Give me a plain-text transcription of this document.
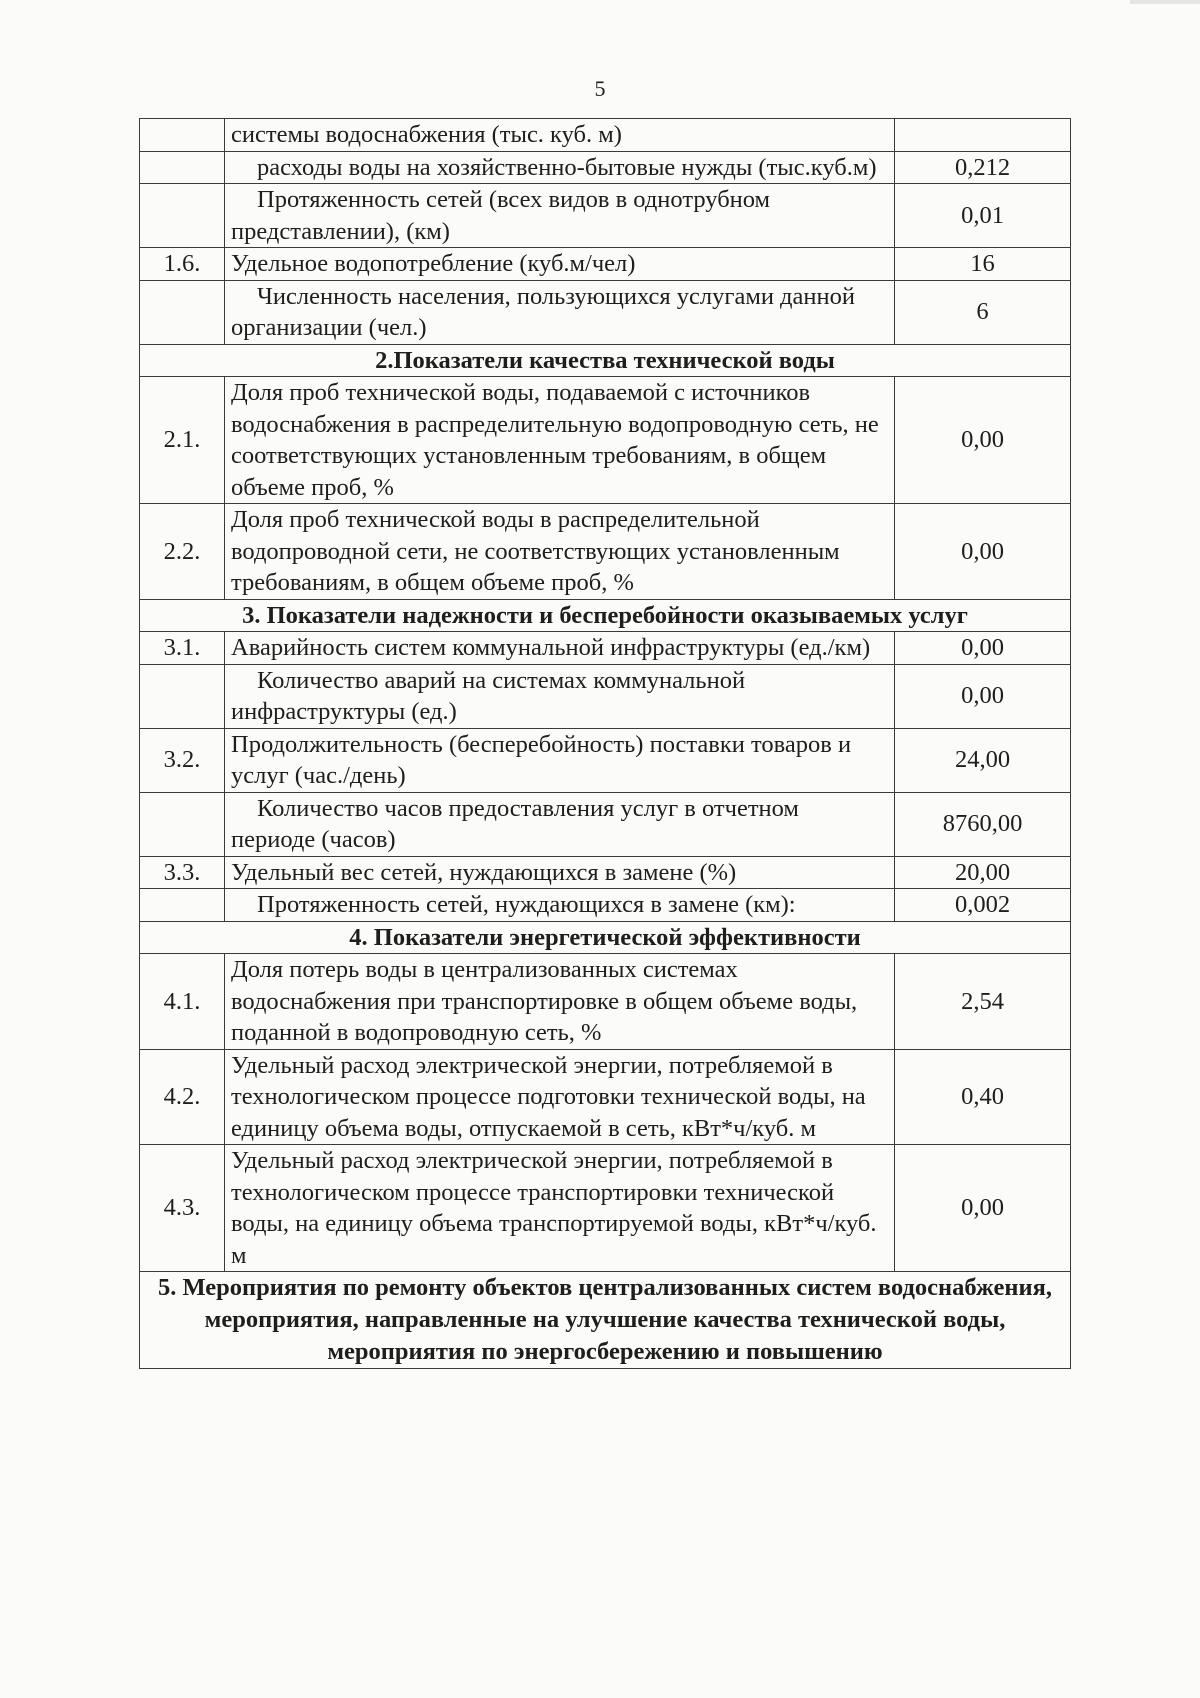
5
	системы водоснабжения (тыс. куб. м)	
	расходы воды на хозяйственно-бытовые нужды (тыс.куб.м)	0,212
	Протяженность сетей (всех видов в однотрубном представлении), (км)	0,01
1.6.	Удельное водопотребление (куб.м/чел)	16
	Численность населения, пользующихся услугами данной организации (чел.)	6
2.Показатели качества технической воды		
2.1.	Доля проб технической воды, подаваемой с источников водоснабжения в распределительную водопроводную сеть, не соответствующих установленным требованиям, в общем объеме проб, %	0,00
2.2.	Доля проб технической воды в распределительной водопроводной сети, не соответствующих установленным требованиям, в общем объеме проб, %	0,00
3. Показатели надежности и бесперебойности оказываемых услуг		
3.1.	Аварийность систем коммунальной инфраструктуры (ед./км)	0,00
	Количество аварий на системах коммунальной инфраструктуры (ед.)	0,00
3.2.	Продолжительность (бесперебойность) поставки товаров и услуг (час./день)	24,00
	Количество часов предоставления услуг в отчетном периоде (часов)	8760,00
3.3.	Удельный вес сетей, нуждающихся в замене (%)	20,00
	Протяженность сетей, нуждающихся в замене (км):	0,002
4. Показатели энергетической эффективности		
4.1.	Доля потерь воды в централизованных системах водоснабжения при транспортировке в общем объеме воды, поданной в водопроводную сеть, %	2,54
4.2.	Удельный расход электрической энергии, потребляемой в технологическом процессе подготовки технической воды, на единицу объема воды, отпускаемой в сеть, кВт*ч/куб. м	0,40
4.3.	Удельный расход электрической энергии, потребляемой в технологическом процессе транспортировки технической воды, на единицу объема транспортируемой воды, кВт*ч/куб. м	0,00
5. Мероприятия по ремонту объектов централизованных систем водоснабжения, мероприятия, направленные на улучшение качества технической воды, мероприятия по энергосбережению и повышению		
